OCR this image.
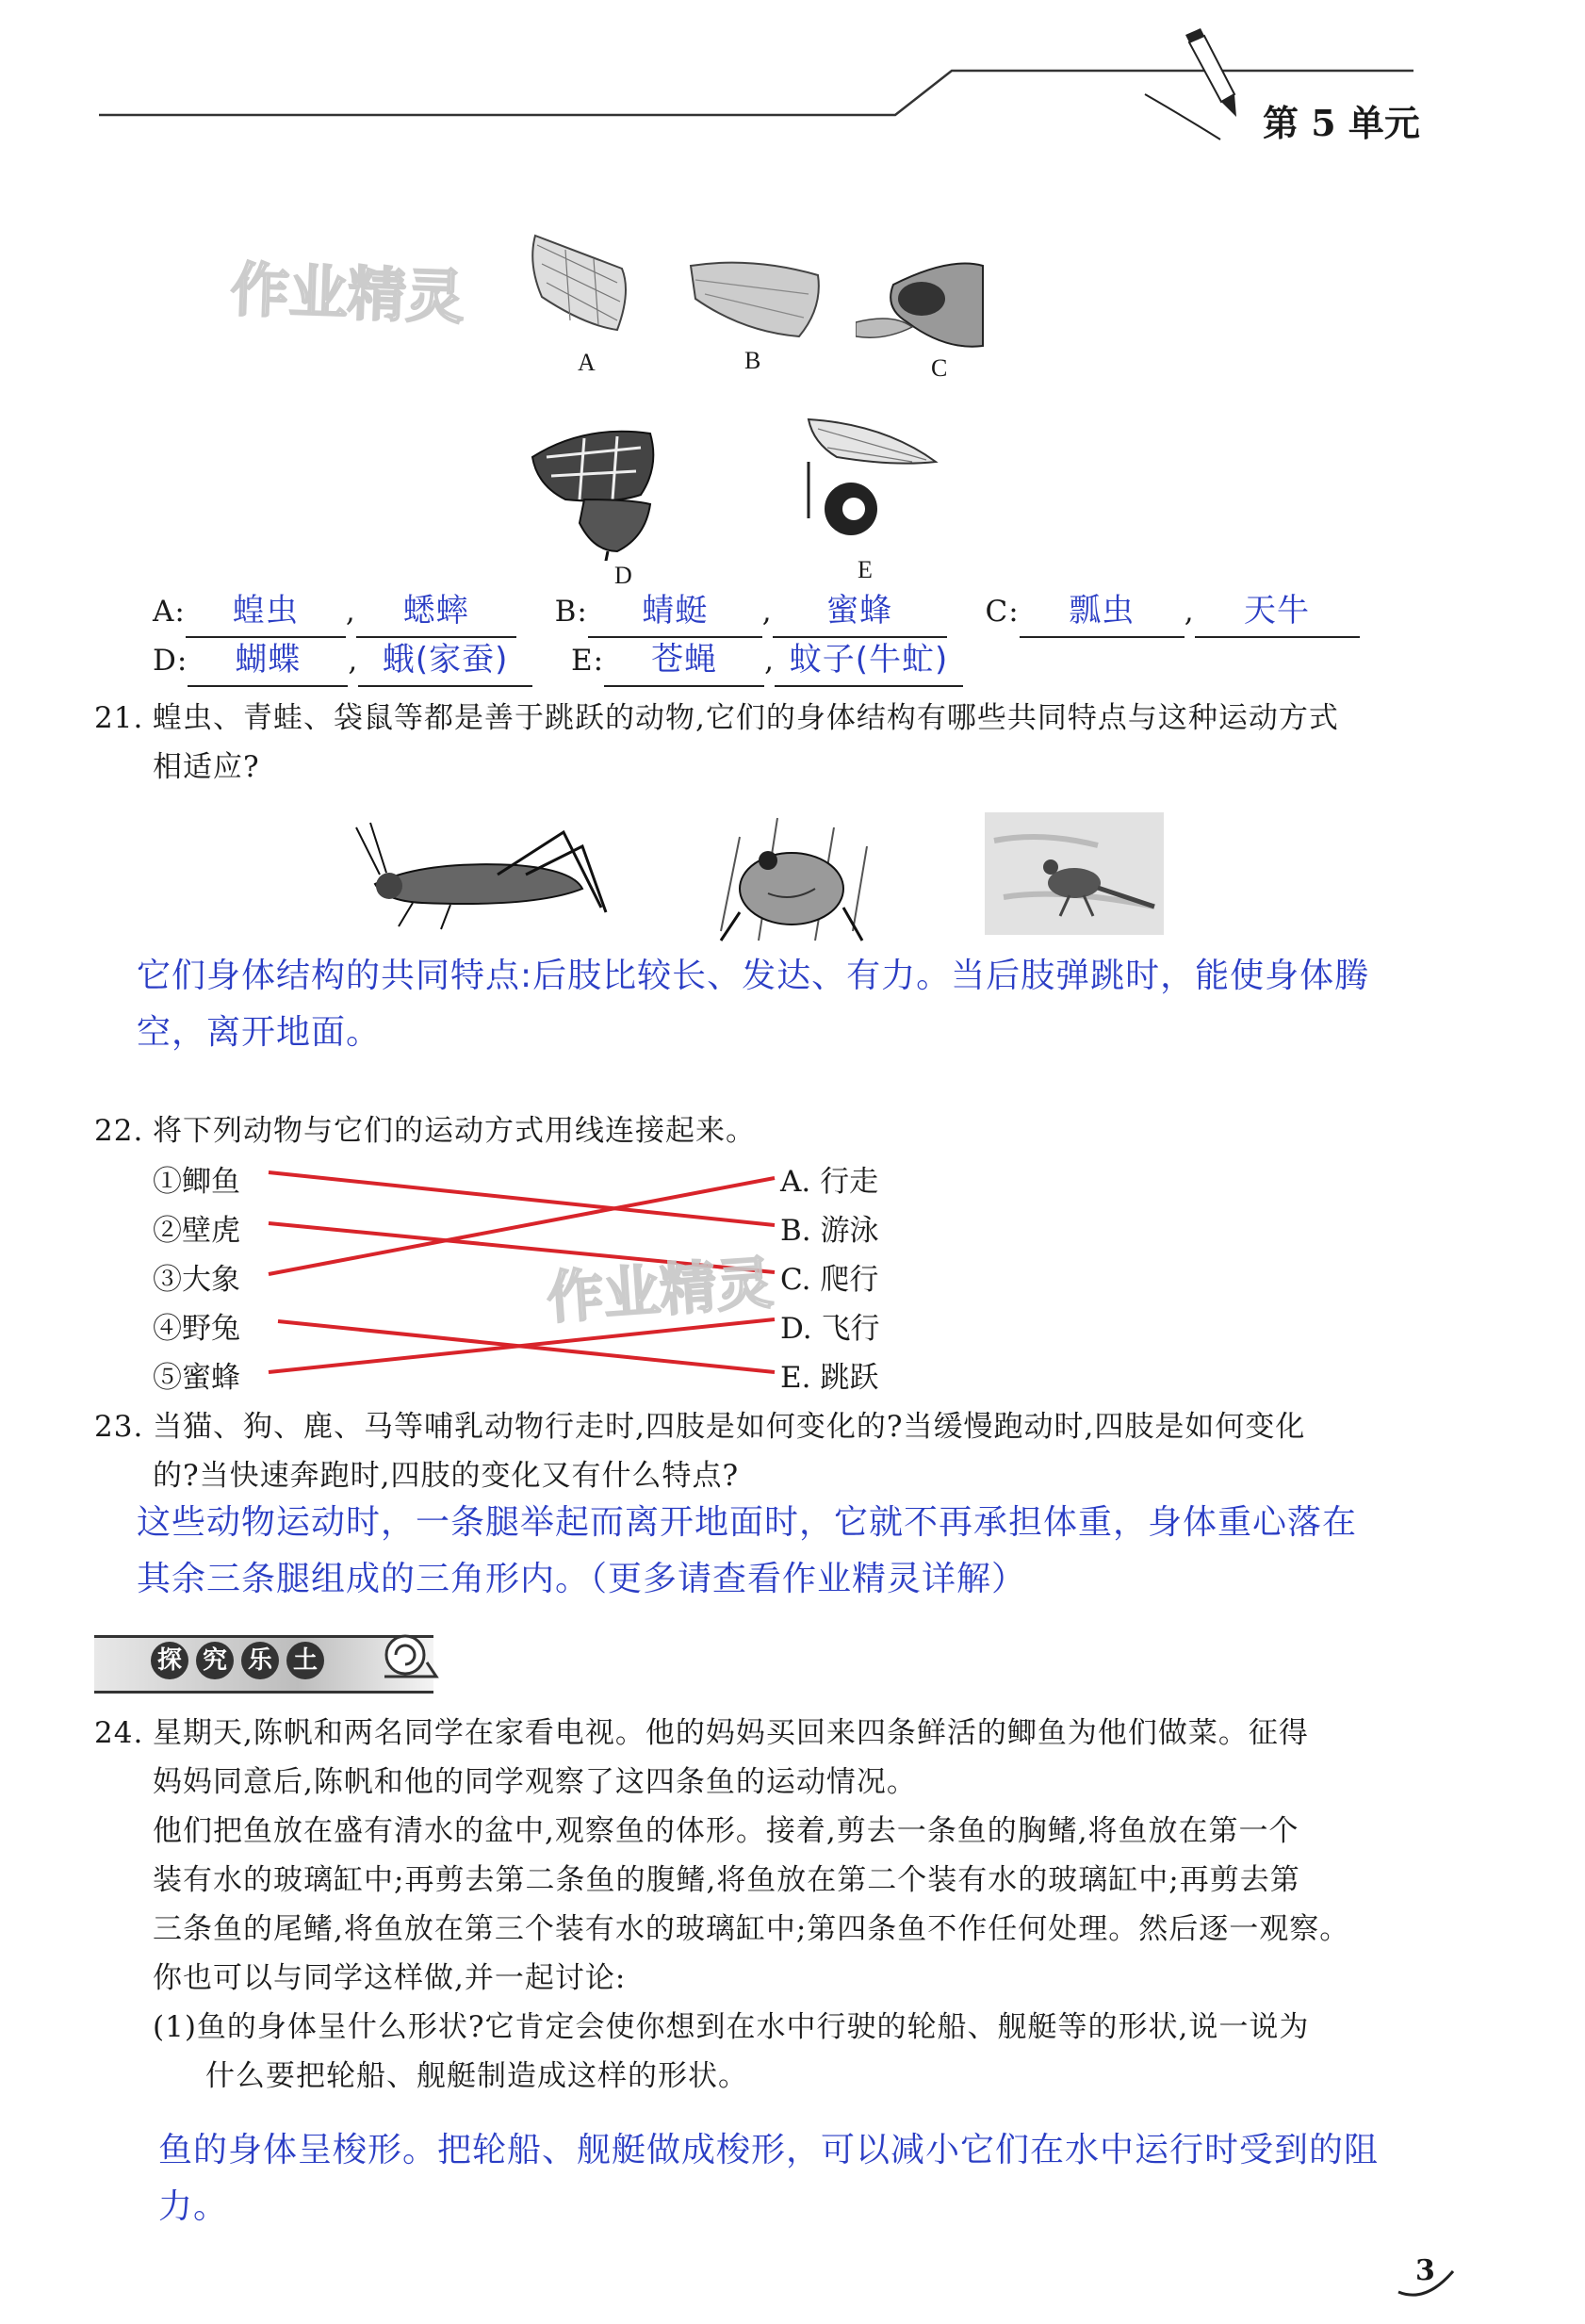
第 5 单元
作业精灵
A	B	C
D	E
A: 蝗虫 , 蟋蟀	B: 蜻蜓 , 蜜蜂	C: 瓢虫 , 天牛
D: 蝴蝶 , 蛾(家蚕) E: 苍蝇 , 蚊子(牛虻)
21. 蝗虫、青蛙、袋鼠等都是善于跳跃的动物,它们的身体结构有哪些共同特点与这种运动方式
相适应?
它们身体结构的共同特点:后肢比较长、发达、有力。当后肢弹跳时，能使身体腾
空，离开地面。
22. 将下列动物与它们的运动方式用线连接起来。
①鲫鱼
②壁虎
③大象
④野兔
⑤蜜蜂
A. 行走
B. 游泳
C. 爬行
D. 飞行
E. 跳跃
作业精灵
23. 当猫、狗、鹿、马等哺乳动物行走时,四肢是如何变化的?当缓慢跑动时,四肢是如何变化
的?当快速奔跑时,四肢的变化又有什么特点?
这些动物运动时，一条腿举起而离开地面时，它就不再承担体重，身体重心落在
其余三条腿组成的三角形内。（更多请查看作业精灵详解）
探 究 乐 土
24. 星期天,陈帆和两名同学在家看电视。他的妈妈买回来四条鲜活的鲫鱼为他们做菜。征得
妈妈同意后,陈帆和他的同学观察了这四条鱼的运动情况。
他们把鱼放在盛有清水的盆中,观察鱼的体形。接着,剪去一条鱼的胸鳍,将鱼放在第一个
装有水的玻璃缸中;再剪去第二条鱼的腹鳍,将鱼放在第二个装有水的玻璃缸中;再剪去第
三条鱼的尾鳍,将鱼放在第三个装有水的玻璃缸中;第四条鱼不作任何处理。然后逐一观察。
你也可以与同学这样做,并一起讨论:
(1)鱼的身体呈什么形状?它肯定会使你想到在水中行驶的轮船、舰艇等的形状,说一说为
什么要把轮船、舰艇制造成这样的形状。
鱼的身体呈梭形。把轮船、舰艇做成梭形，可以减小它们在水中运行时受到的阻
力。
3
